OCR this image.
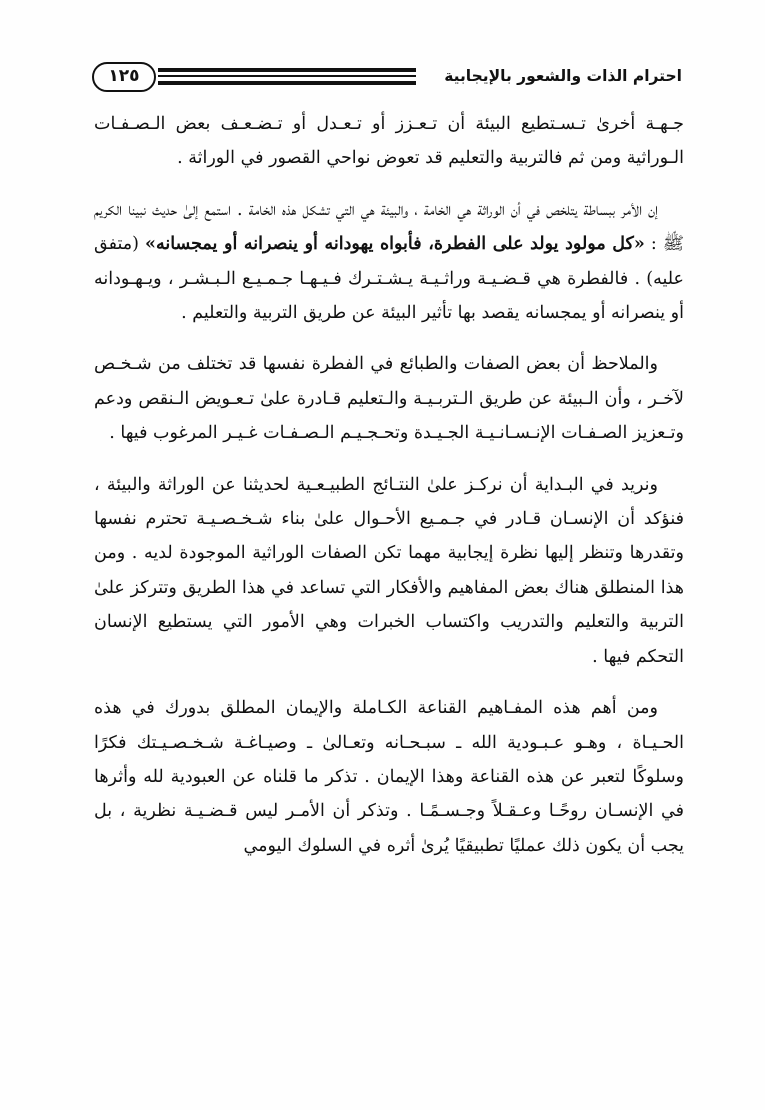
١٢٥	احترام الذات والشعور بالإيجابية

جـهـة أخرىٰ تـسـتطيع البيئة أن تـعـزز أو تـعـدل أو تـضـعـف بعض الـصـفـات الـوراثية ومن ثم فالتربية والتعليم قد تعوض نواحي القصور في الوراثة .

إن الأمر ببساطة يتلخص في أن الوراثة هي الخامة ، والبيئة هي التي تشكل هذه الخامة . استمع إلىٰ حديث نبينا الكريم ﷺ : «كل مولود يولد على الفطرة، فأبواه يهودانه أو ينصرانه أو يمجسانه» (متفق عليه) . فالفطرة هي قـضـيـة وراثـيـة يـشـتـرك فـيـهـا جـمـيـع الـبـشـر ، ويـهـودانه أو ينصرانه أو يمجسانه يقصد بها تأثير البيئة عن طريق التربية والتعليم .

والملاحظ أن بعض الصفات والطبائع في الفطرة نفسها قد تختلف من شـخـص لآخـر ، وأن الـبيئة عن طريق الـتربـيـة والـتعليم قـادرة علىٰ تـعـويض الـنقص ودعم وتـعزيز الصـفـات الإنـسـانـيـة الجـيـدة وتحـجـيـم الـصـفـات غـيـر المرغوب فيها .

ونريد في البـداية أن نركـز علىٰ النتـائج الطبيـعـية لحديثنا عن الوراثة والبيئة ، فنؤكد أن الإنسـان قـادر في جـمـيع الأحـوال علىٰ بناء شـخـصـيـة تحترم نفسها وتقدرها وتنظر إليها نظرة إيجابية مهما تكن الصفات الوراثية الموجودة لديه . ومن هذا المنطلق هناك بعض المفاهيم والأفكار التي تساعد في هذا الطريق وتتركز علىٰ التربية والتعليم والتدريب واكتساب الخبرات وهي الأمور التي يستطيع الإنسان التحكم فيها .

ومن أهم هذه المفـاهيم القناعة الكـاملة والإيمان المطلق بدورك في هذه الحـيـاة ، وهـو عـبـودية الله ـ سبـحـانه وتعـالىٰ ـ وصيـاغـة شـخـصـيـتك فكرًا وسلوكًا لتعبر عن هذه القناعة وهذا الإيمان . تذكر ما قلناه عن العبودية لله وأثرها في الإنسـان روحًـا وعـقـلاً وجـسـمًـا . وتذكر أن الأمـر ليس قـضـيـة نظرية ، بل يجب أن يكون ذلك عمليًا تطبيقيًا يُرىٰ أثره في السلوك اليومي
